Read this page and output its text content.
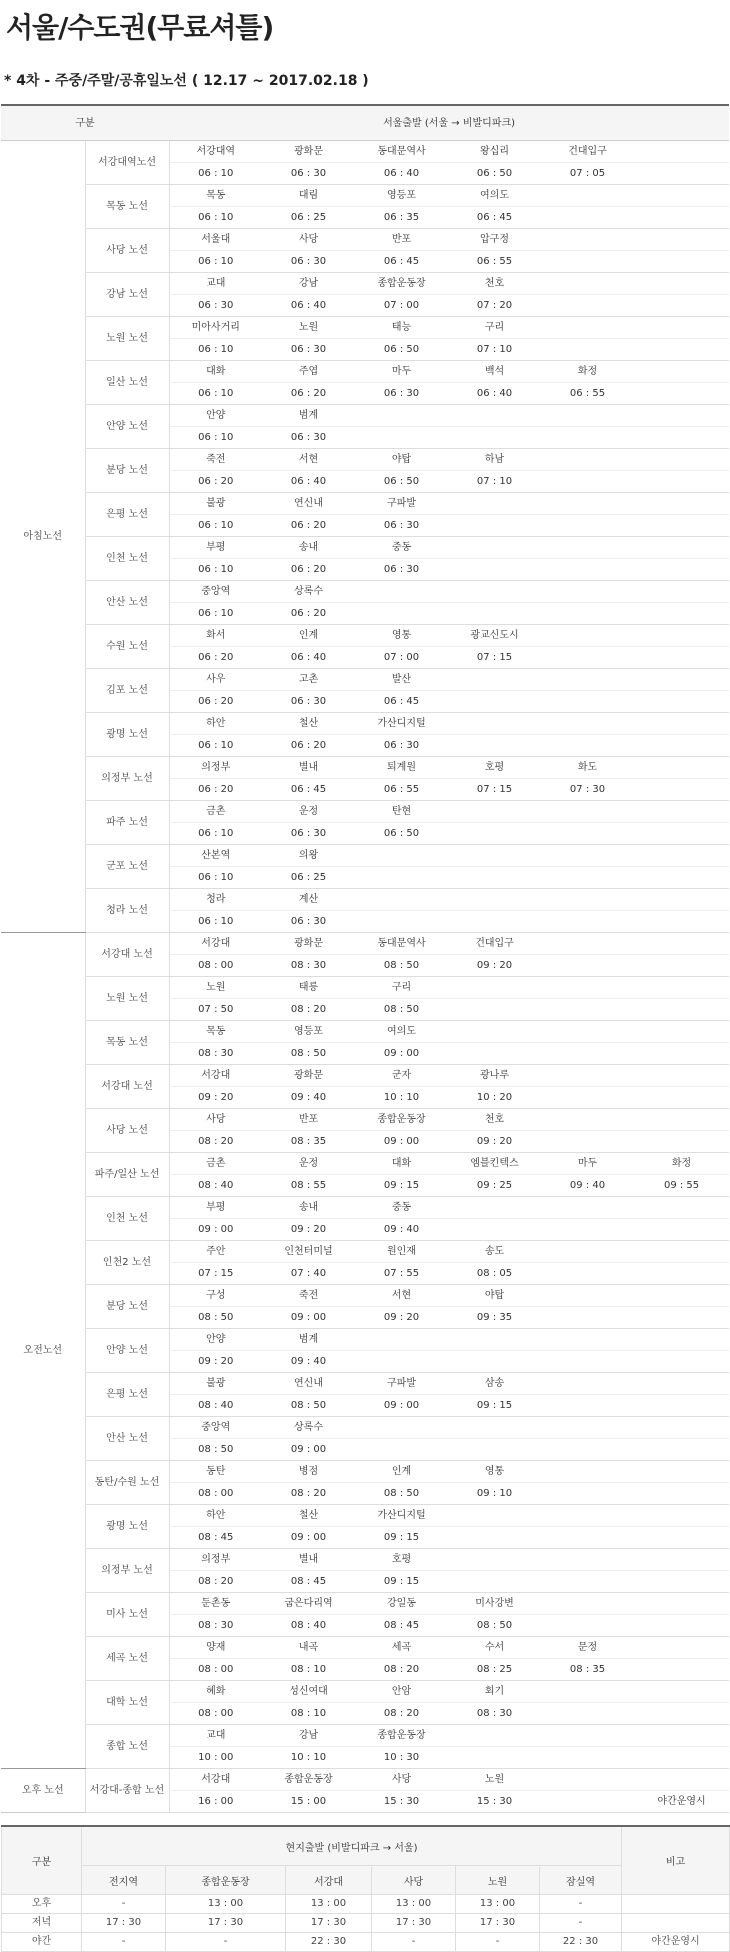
서울/수도권(무료셔틀)
* 4차 - 주중/주말/공휴일노선 ( 12.17 ~ 2017.02.18 )
구분		서울출발 (서울 → 비발디파크)					
아침노선	서강대역노선	서강대역	광화문	동대문역사	왕십리	건대입구	
		06 : 10	06 : 30	06 : 40	06 : 50	07 : 05	
	목동 노선	목동	대림	영등포	여의도		
		06 : 10	06 : 25	06 : 35	06 : 45		
	사당 노선	서울대	사당	반포	압구정		
		06 : 10	06 : 30	06 : 45	06 : 55		
	강남 노선	교대	강남	종합운동장	천호		
		06 : 30	06 : 40	07 : 00	07 : 20		
	노원 노선	미아사거리	노원	태능	구리		
		06 : 10	06 : 30	06 : 50	07 : 10		
	일산 노선	대화	주엽	마두	백석	화정	
		06 : 10	06 : 20	06 : 30	06 : 40	06 : 55	
	안양 노선	안양	범계				
		06 : 10	06 : 30				
	분당 노선	죽전	서현	야탑	하남		
		06 : 20	06 : 40	06 : 50	07 : 10		
	은평 노선	불광	연신내	구파발			
		06 : 10	06 : 20	06 : 30			
	인천 노선	부평	송내	중동			
		06 : 10	06 : 20	06 : 30			
	안산 노선	중앙역	상록수				
		06 : 10	06 : 20				
	수원 노선	화서	인계	영통	광교신도시		
		06 : 20	06 : 40	07 : 00	07 : 15		
	김포 노선	사우	고촌	발산			
		06 : 20	06 : 30	06 : 45			
	광명 노선	하안	철산	가산디지털			
		06 : 10	06 : 20	06 : 30			
	의정부 노선	의정부	별내	퇴계원	호평	화도	
		06 : 20	06 : 45	06 : 55	07 : 15	07 : 30	
	파주 노선	금촌	운정	탄현			
		06 : 10	06 : 30	06 : 50			
	군포 노선	산본역	의왕				
		06 : 10	06 : 25				
	청라 노선	청라	계산				
		06 : 10	06 : 30				
오전노선	서강대 노선	서강대	광화문	동대문역사	건대입구		
		08 : 00	08 : 30	08 : 50	09 : 20		
	노원 노선	노원	태릉	구리			
		07 : 50	08 : 20	08 : 50			
	목동 노선	목동	영등포	여의도			
		08 : 30	08 : 50	09 : 00			
	서강대 노선	서강대	광화문	군자	광나루		
		09 : 20	09 : 40	10 : 10	10 : 20		
	사당 노선	사당	반포	종합운동장	천호		
		08 : 20	08 : 35	09 : 00	09 : 20		
	파주/일산 노선	금촌	운정	대화	엠블킨텍스	마두	화정
		08 : 40	08 : 55	09 : 15	09 : 25	09 : 40	09 : 55
	인천 노선	부평	송내	중동			
		09 : 00	09 : 20	09 : 40			
	인천2 노선	주안	인천터미널	원인재	송도		
		07 : 15	07 : 40	07 : 55	08 : 05		
	분당 노선	구성	죽전	서현	야탑		
		08 : 50	09 : 00	09 : 20	09 : 35		
	안양 노선	안양	범계				
		09 : 20	09 : 40				
	은평 노선	불광	연신내	구파발	삼송		
		08 : 40	08 : 50	09 : 00	09 : 15		
	안산 노선	중앙역	상록수				
		08 : 50	09 : 00				
	동탄/수원 노선	동탄	병점	인계	영통		
		08 : 00	08 : 20	08 : 50	09 : 10		
	광명 노선	하안	철산	가산디지털			
		08 : 45	09 : 00	09 : 15			
	의정부 노선	의정부	별내	호평			
		08 : 20	08 : 45	09 : 15			
	미사 노선	둔촌동	굽은다리역	강일동	미사강변		
		08 : 30	08 : 40	08 : 45	08 : 50		
	세곡 노선	양재	내곡	세곡	수서	문정	
		08 : 00	08 : 10	08 : 20	08 : 25	08 : 35	
	대학 노선	혜화	성신여대	안암	회기		
		08 : 00	08 : 10	08 : 20	08 : 30		
	종합 노선	교대	강남	종합운동장			
		10 : 00	10 : 10	10 : 30			
오후 노선	서강대-종합 노선	서강대	종합운동장	사당	노원		
		16 : 00	15 : 00	15 : 30	15 : 30		야간운영시
구분	현지출발 (비발디파크 → 서울)						비고
	전지역	종합운동장	서강대	사당	노원	잠실역	
오후	-	13 : 00	13 : 00	13 : 00	13 : 00	-	
저녁	17 : 30	17 : 30	17 : 30	17 : 30	17 : 30	-	
야간	-	-	22 : 30	-	-	22 : 30	야간운영시
